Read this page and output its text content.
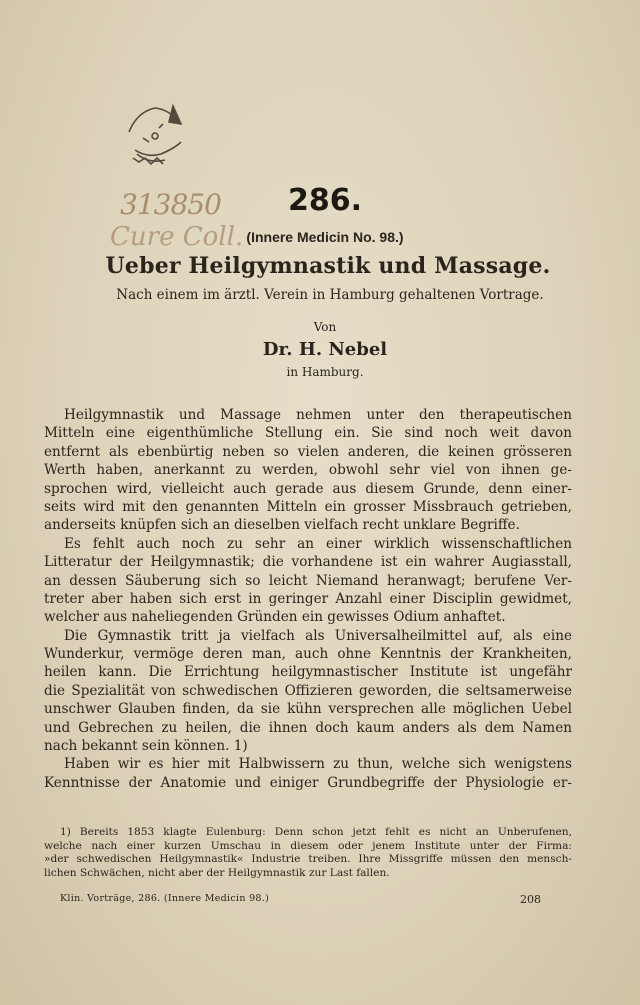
313850
Cure Coll.
286.
(Innere Medicin No. 98.)
Ueber Heilgymnastik und Massage.
Nach einem im ärztl. Verein in Hamburg gehaltenen Vortrage.
Von
Dr. H. Nebel
in Hamburg.
Heilgymnastik und Massage nehmen unter den therapeutischen
Mitteln eine eigenthümliche Stellung ein. Sie sind noch weit davon
entfernt als ebenbürtig neben so vielen anderen, die keinen grösseren
Werth haben, anerkannt zu werden, obwohl sehr viel von ihnen ge-
sprochen wird, vielleicht auch gerade aus diesem Grunde, denn einer-
seits wird mit den genannten Mitteln ein grosser Missbrauch getrieben,
anderseits knüpfen sich an dieselben vielfach recht unklare Begriffe.
Es fehlt auch noch zu sehr an einer wirklich wissenschaftlichen
Litteratur der Heilgymnastik; die vorhandene ist ein wahrer Augiasstall,
an dessen Säuberung sich so leicht Niemand heranwagt; berufene Ver-
treter aber haben sich erst in geringer Anzahl einer Disciplin gewidmet,
welcher aus naheliegenden Gründen ein gewisses Odium anhaftet.
Die Gymnastik tritt ja vielfach als Universalheilmittel auf, als eine
Wunderkur, vermöge deren man, auch ohne Kenntnis der Krankheiten,
heilen kann. Die Errichtung heilgymnastischer Institute ist ungefähr
die Spezialität von schwedischen Offizieren geworden, die seltsamerweise
unschwer Glauben finden, da sie kühn versprechen alle möglichen Uebel
und Gebrechen zu heilen, die ihnen doch kaum anders als dem Namen
nach bekannt sein können. 1)
Haben wir es hier mit Halbwissern zu thun, welche sich wenigstens
Kenntnisse der Anatomie und einiger Grundbegriffe der Physiologie er-
1) Bereits 1853 klagte Eulenburg: Denn schon jetzt fehlt es nicht an Unberufenen,
welche nach einer kurzen Umschau in diesem oder jenem Institute unter der Firma:
»der schwedischen Heilgymnastik« Industrie treiben. Ihre Missgriffe müssen den mensch-
lichen Schwächen, nicht aber der Heilgymnastik zur Last fallen.
Klin. Vorträge, 286. (Innere Medicin 98.)	208
